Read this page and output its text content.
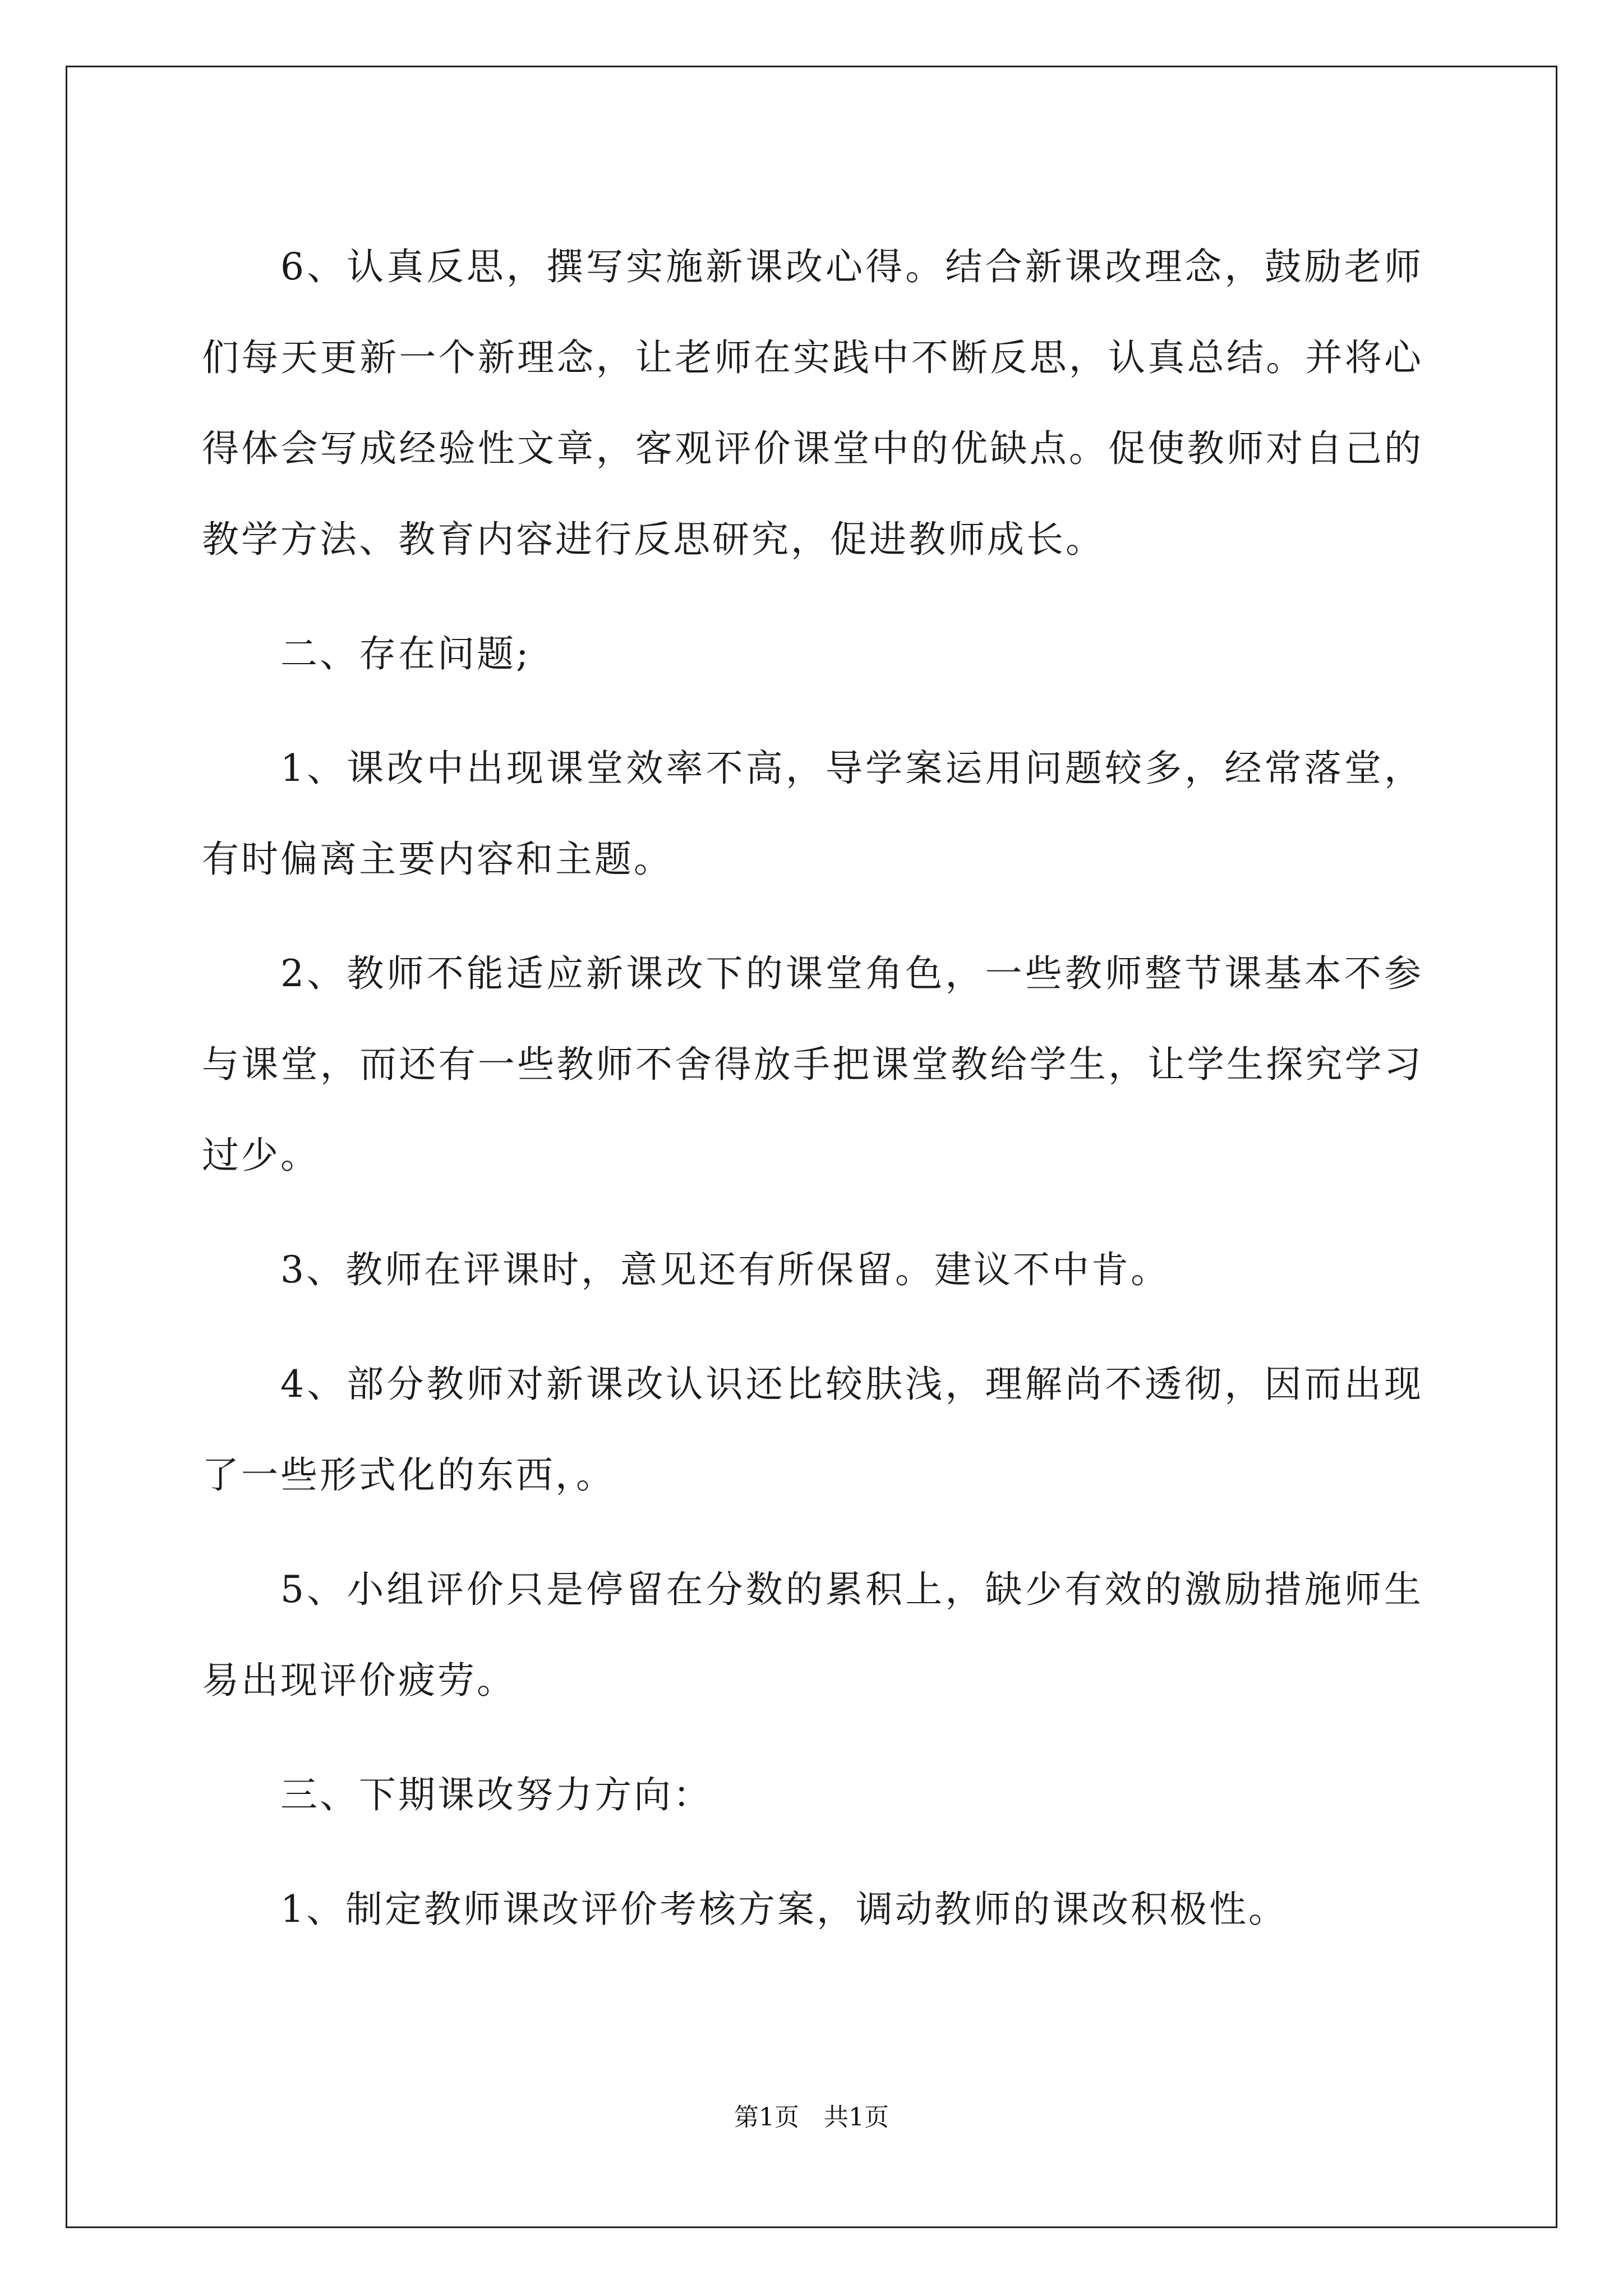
6、认真反思，撰写实施新课改心得。结合新课改理念，鼓励老师们每天更新一个新理念，让老师在实践中不断反思，认真总结。并将心得体会写成经验性文章，客观评价课堂中的优缺点。促使教师对自己的教学方法、教育内容进行反思研究，促进教师成长。

二、存在问题;

1、课改中出现课堂效率不高，导学案运用问题较多，经常落堂，有时偏离主要内容和主题。

2、教师不能适应新课改下的课堂角色，一些教师整节课基本不参与课堂，而还有一些教师不舍得放手把课堂教给学生，让学生探究学习过少。

3、教师在评课时，意见还有所保留。建议不中肯。

4、部分教师对新课改认识还比较肤浅，理解尚不透彻，因而出现了一些形式化的东西，。

5、小组评价只是停留在分数的累积上，缺少有效的激励措施师生易出现评价疲劳。

三、下期课改努力方向：

1、制定教师课改评价考核方案，调动教师的课改积极性。

第1页　共1页
